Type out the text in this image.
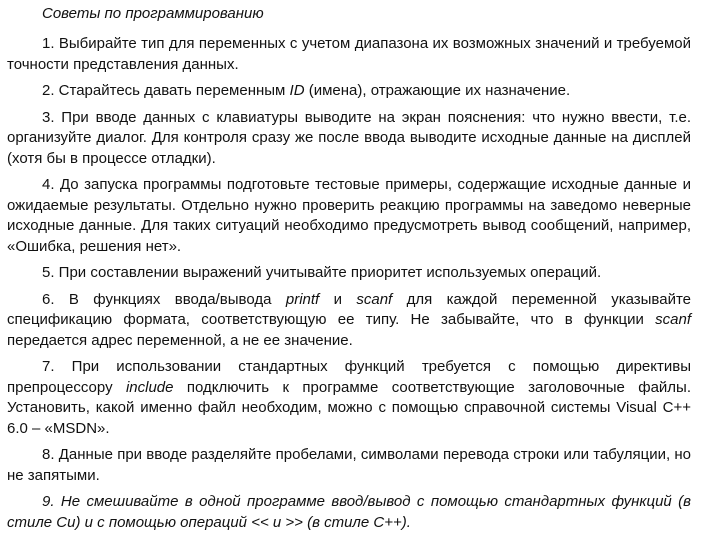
Советы по программированию

1. Выбирайте тип для переменных с учетом диапазона их возможных значений и требуемой точности представления данных.

2. Старайтесь давать переменным ID (имена), отражающие их назначение.

3. При вводе данных с клавиатуры выводите на экран пояснения: что нужно ввести, т.е. организуйте диалог. Для контроля сразу же после ввода выводите исходные данные на дисплей (хотя бы в процессе отладки).

4. До запуска программы подготовьте тестовые примеры, содержащие исходные данные и ожидаемые результаты. Отдельно нужно проверить реакцию программы на заведомо неверные исходные данные. Для таких ситуаций необходимо предусмотреть вывод сообщений, например, «Ошибка, решения нет».

5. При составлении выражений учитывайте приоритет используемых операций.

6. В функциях ввода/вывода printf и scanf для каждой переменной указывайте спецификацию формата, соответствующую ее типу. Не забывайте, что в функции scanf передается адрес переменной, а не ее значение.

7. При использовании стандартных функций требуется с помощью директивы препроцессору include подключить к программе соответствующие заголовочные файлы. Установить, какой именно файл необходим, можно с помощью справочной системы Visual C++ 6.0 – «MSDN».

8. Данные при вводе разделяйте пробелами, символами перевода строки или табуляции, но не запятыми.

9. Не смешивайте в одной программе ввод/вывод с помощью стандартных функций (в стиле Си) и с помощью операций << и >> (в стиле С++).
